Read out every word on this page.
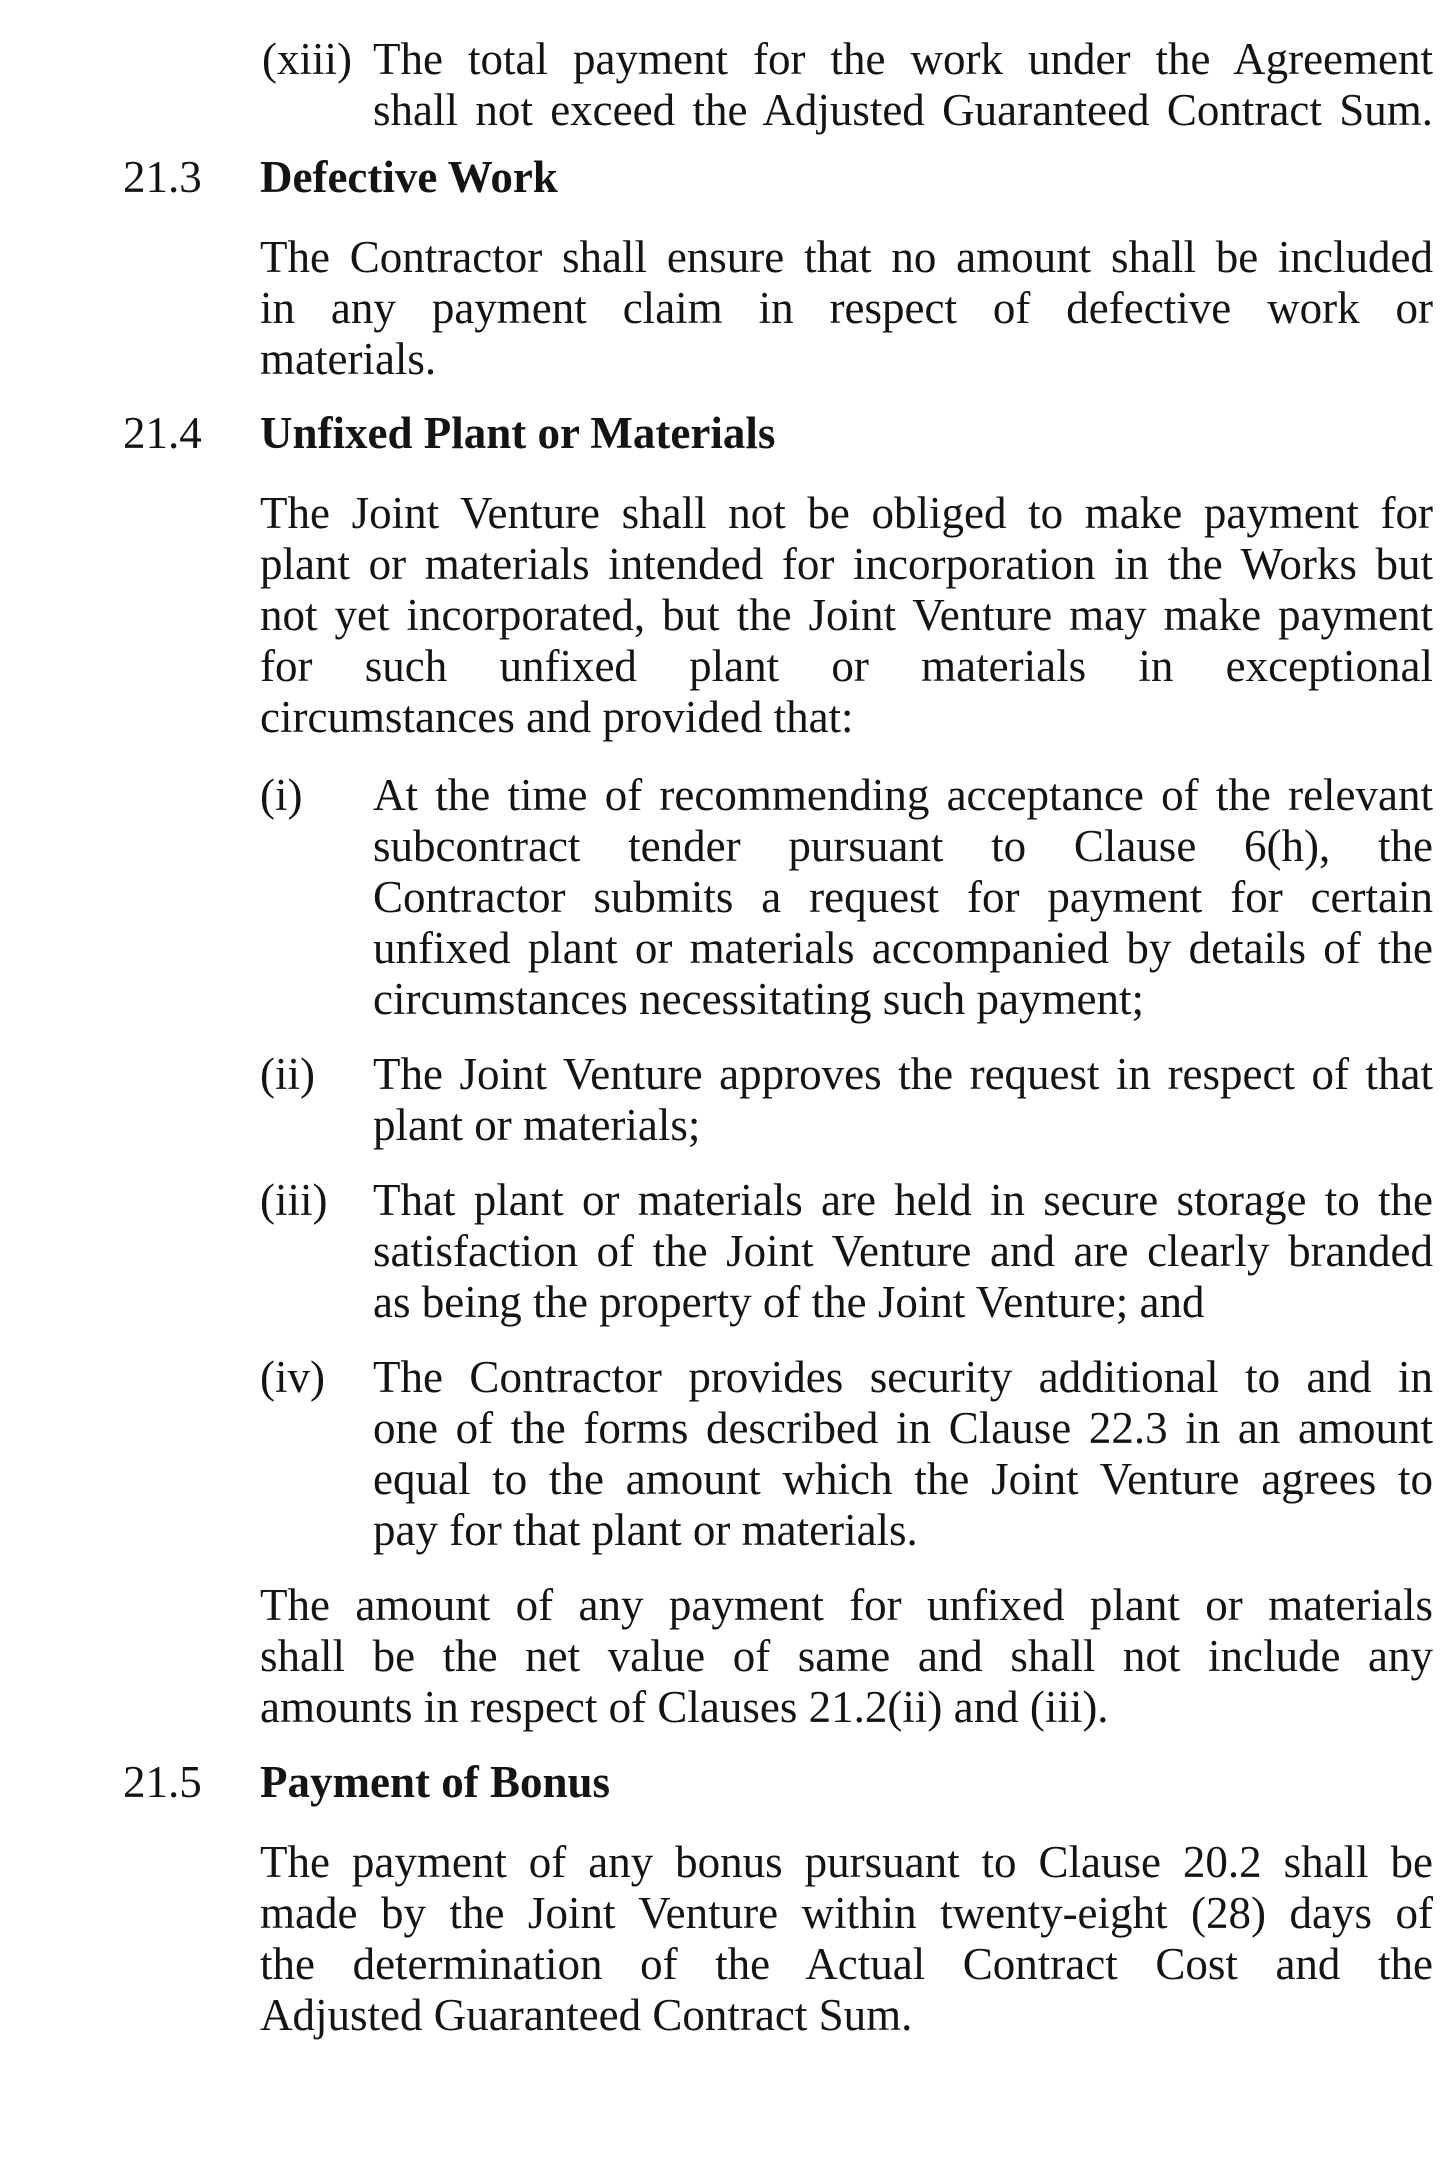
(xiii) The total payment for the work under the Agreement
shall not exceed the Adjusted Guaranteed Contract Sum.
21.3 Defective Work
The Contractor shall ensure that no amount shall be included
in any payment claim in respect of defective work or
materials.
21.4 Unfixed Plant or Materials
The Joint Venture shall not be obliged to make payment for
plant or materials intended for incorporation in the Works but
not yet incorporated, but the Joint Venture may make payment
for such unfixed plant or materials in exceptional
circumstances and provided that:
(i) At the time of recommending acceptance of the relevant
subcontract tender pursuant to Clause 6(h), the
Contractor submits a request for payment for certain
unfixed plant or materials accompanied by details of the
circumstances necessitating such payment;
(ii) The Joint Venture approves the request in respect of that
plant or materials;
(iii) That plant or materials are held in secure storage to the
satisfaction of the Joint Venture and are clearly branded
as being the property of the Joint Venture; and
(iv) The Contractor provides security additional to and in
one of the forms described in Clause 22.3 in an amount
equal to the amount which the Joint Venture agrees to
pay for that plant or materials.
The amount of any payment for unfixed plant or materials
shall be the net value of same and shall not include any
amounts in respect of Clauses 21.2(ii) and (iii).
21.5 Payment of Bonus
The payment of any bonus pursuant to Clause 20.2 shall be
made by the Joint Venture within twenty-eight (28) days of
the determination of the Actual Contract Cost and the
Adjusted Guaranteed Contract Sum.
